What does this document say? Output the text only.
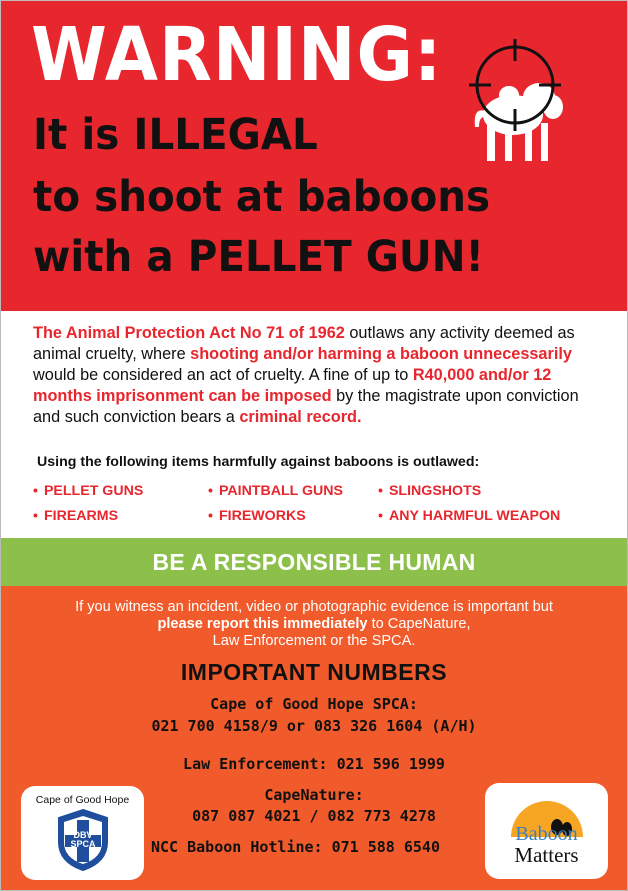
WARNING:
It is ILLEGAL
to shoot at baboons
with a PELLET GUN!

The Animal Protection Act No 71 of 1962 outlaws any activity deemed as animal cruelty, where shooting and/or harming a baboon unnecessarily would be considered an act of cruelty. A fine of up to R40,000 and/or 12 months imprisonment can be imposed by the magistrate upon conviction and such conviction bears a criminal record.

Using the following items harmfully against baboons is outlawed:

• PELLET GUNS	• PAINTBALL GUNS	• SLINGSHOTS
• FIREARMS	• FIREWORKS	• ANY HARMFUL WEAPON
BE A RESPONSIBLE HUMAN

If you witness an incident, video or photographic evidence is important but
please report this immediately to CapeNature,
Law Enforcement or the SPCA.

IMPORTANT NUMBERS

Cape of Good Hope SPCA:

021 700 4158/9 or 083 326 1604 (A/H)

Law Enforcement: 021 596 1999

CapeNature:

087 087 4021 / 082 773 4278

NCC Baboon Hotline: 071 588 6540

Cape of Good Hope
DBV
SPCA	Baboon
Matters
